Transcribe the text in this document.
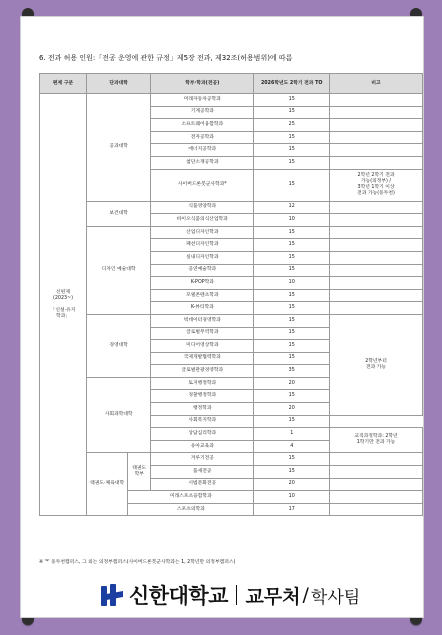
6. 전과 허용 인원:「전공 운영에 관한 규정」제5장 전과, 제32조(허용범위)에 따름
편제 구분	단과대학		학부·학과(전공)	2026학년도 2학기 전과 TO	비고
신편제
(2023~)

「신설·유지
학과」	공과대학		미래자동차공학과	15	
			기계공학과	15	
			소프트웨어융합학과	25	
			전자공학과	15	
			에너지공학과	15	
			첨단소재공학과	15	
			사이버드론봇군사학과*	15	2학년 2학기 전과
가능(의정부) /
3학년 1학기 이상
전과 가능(동두천)
	보건대학		식품영양학과	12	
			바이오식품의식산업학과	10	
	디자인 예술대학		산업디자인학과	15	
			패션디자인학과	15	
			실내디자인학과	15	
			공연예술학과	15	
			K-POP학과	10	
			모델콘텐츠학과	15	
			K-뷰티학과	15	
	경영대학		빅데이터경영학과	15	2학년부터
전과 가능
			글로벌무역학과	15	
			미디어영상학과	15	
			국제개발협력학과	15	
			글로벌관광경영학과	35	
	사회과학대학		토지행정학과	20	
			경찰행정학과	15	
			행정학과	20	
			사회복지학과	15	
			상담심리학과	1	교직과정학과: 2학년
1학기만 전과 가능
			유아교육과	4	
	태권도·체육대학	태권도 학부	겨루기전공	15	
			품새전공	15	
			시범문화전공	20	
		미래스포츠융합학과		10	
		스포츠의학과		17	
※ '*' 동두천캠퍼스, 그 외는 의정부캠퍼스(사이버드론봇군사학과는 1, 2학년만 의정부캠퍼스)
신한대학교 교무처 / 학사팀
